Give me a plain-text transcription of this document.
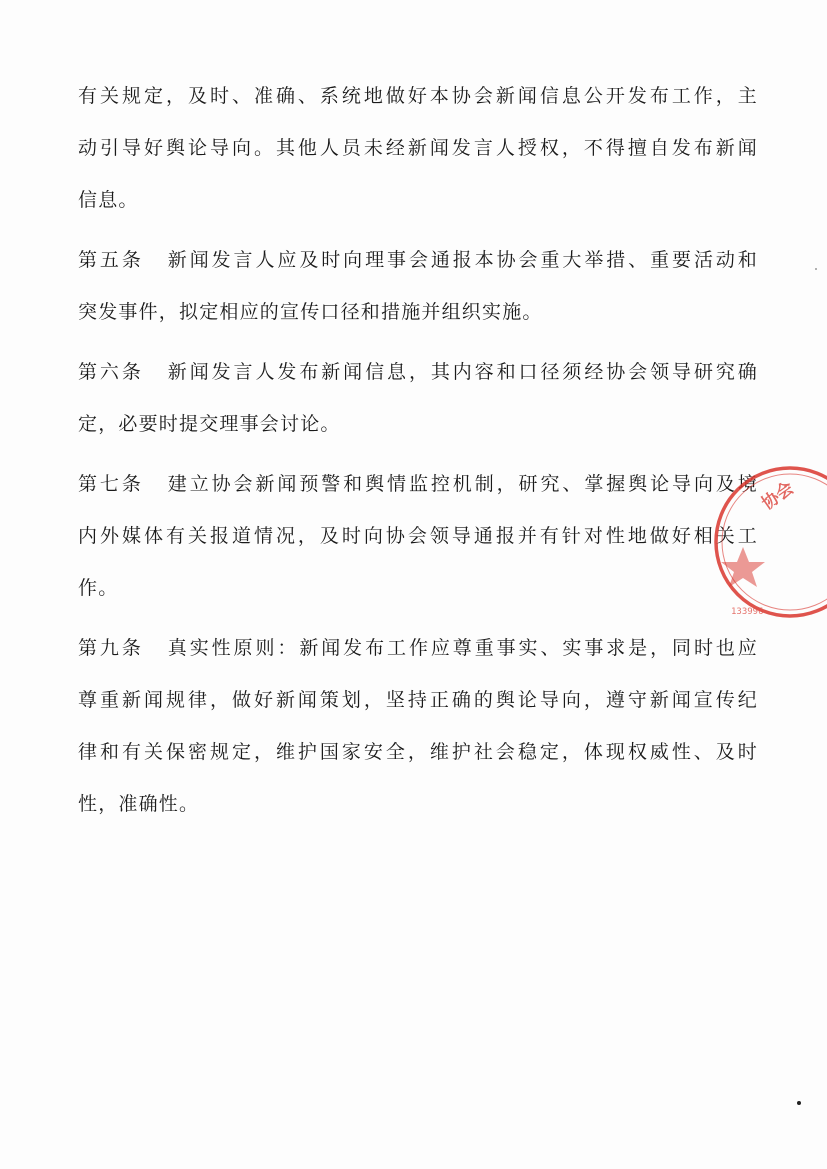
有关规定，及时、准确、系统地做好本协会新闻信息公开发布工作，主
动引导好舆论导向。其他人员未经新闻发言人授权，不得擅自发布新闻
信息。
第五条 新闻发言人应及时向理事会通报本协会重大举措、重要活动和
突发事件，拟定相应的宣传口径和措施并组织实施。
第六条 新闻发言人发布新闻信息，其内容和口径须经协会领导研究确
定，必要时提交理事会讨论。
第七条 建立协会新闻预警和舆情监控机制，研究、掌握舆论导向及境
内外媒体有关报道情况，及时向协会领导通报并有针对性地做好相关工
作。
第九条 真实性原则：新闻发布工作应尊重事实、实事求是，同时也应
尊重新闻规律，做好新闻策划，坚持正确的舆论导向，遵守新闻宣传纪
律和有关保密规定，维护国家安全，维护社会稳定，体现权威性、及时
性，准确性。
协会
133996
